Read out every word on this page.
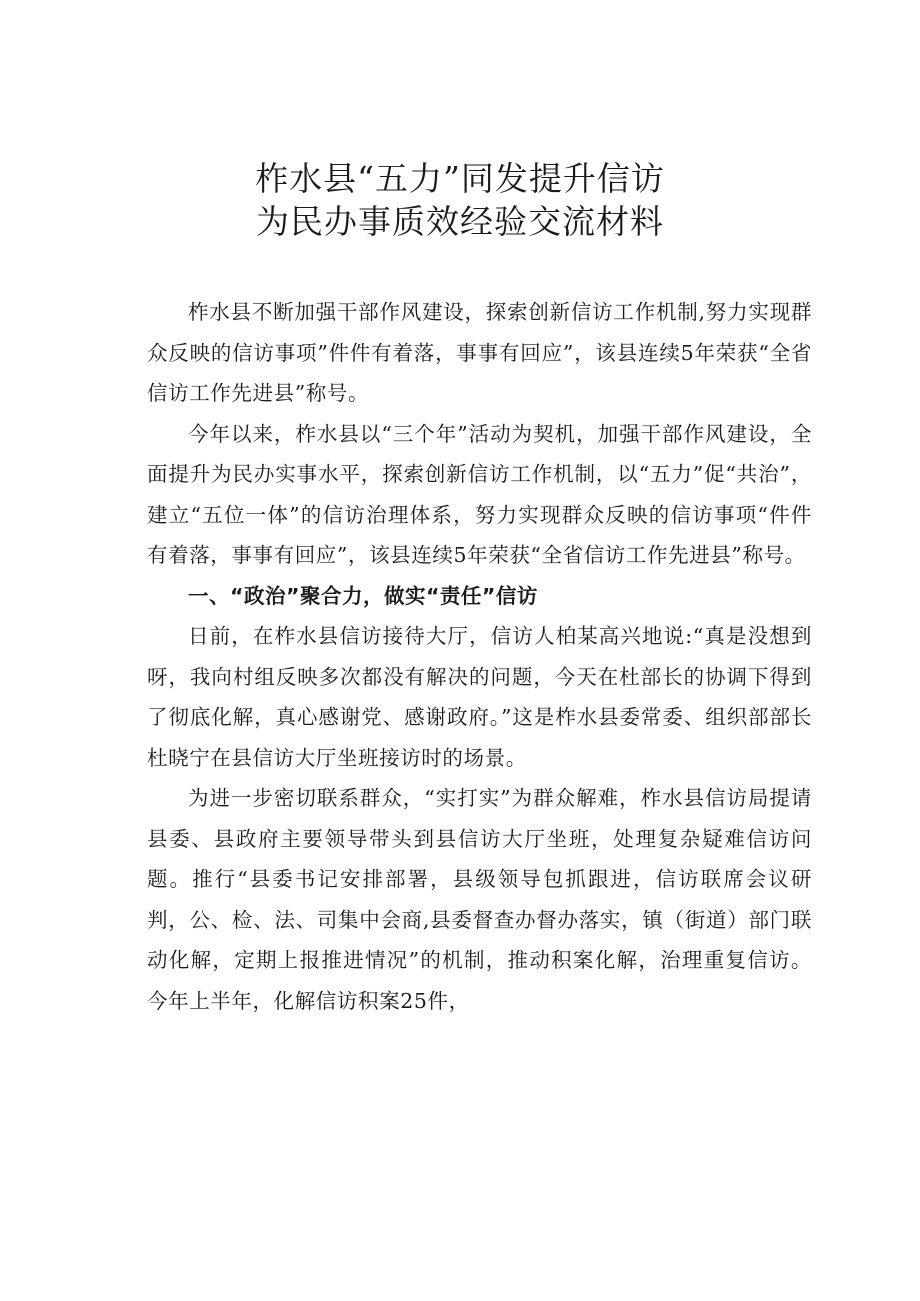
柞水县“五力”同发提升信访
为民办事质效经验交流材料

柞水县不断加强干部作风建设，探索创新信访工作机制,努力实现群众反映的信访事项”件件有着落，事事有回应”，该县连续5年荣获“全省信访工作先进县”称号。

今年以来，柞水县以“三个年”活动为契机，加强干部作风建设，全面提升为民办实事水平，探索创新信访工作机制，以“五力”促“共治”，建立“五位一体”的信访治理体系，努力实现群众反映的信访事项“件件有着落，事事有回应”，该县连续5年荣获“全省信访工作先进县”称号。

一、“政治”聚合力，做实“责任”信访

日前，在柞水县信访接待大厅，信访人柏某高兴地说:“真是没想到呀，我向村组反映多次都没有解决的问题，今天在杜部长的协调下得到了彻底化解，真心感谢党、感谢政府。”这是柞水县委常委、组织部部长杜晓宁在县信访大厅坐班接访时的场景。

为进一步密切联系群众，“实打实”为群众解难，柞水县信访局提请县委、县政府主要领导带头到县信访大厅坐班，处理复杂疑难信访问题。推行“县委书记安排部署，县级领导包抓跟进，信访联席会议研判，公、检、法、司集中会商,县委督查办督办落实，镇（街道）部门联动化解，定期上报推进情况”的机制，推动积案化解，治理重复信访。今年上半年，化解信访积案25件，
